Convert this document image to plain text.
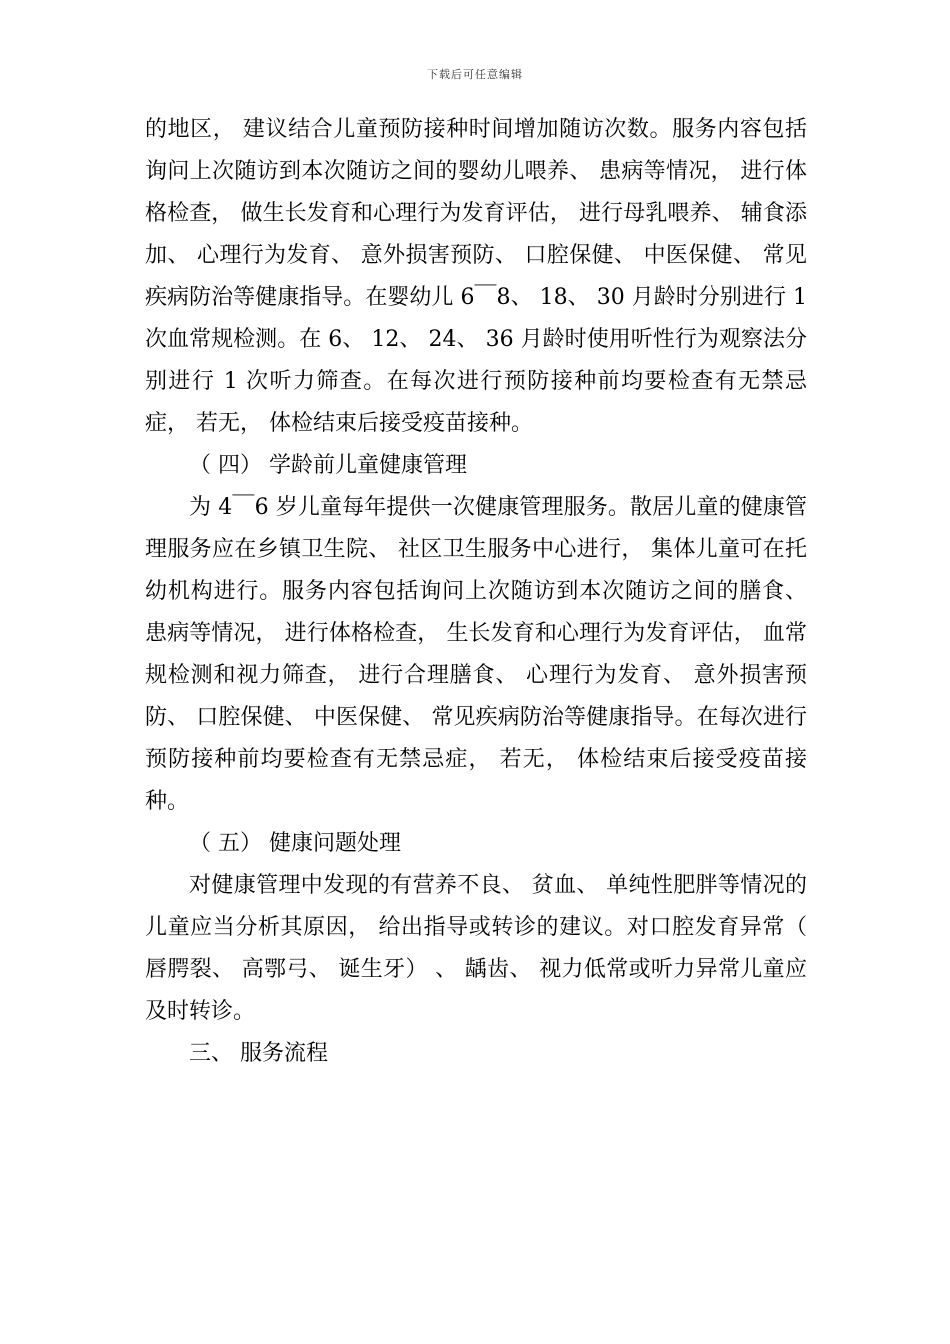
下载后可任意编辑

的地区， 建议结合儿童预防接种时间增加随访次数。服务内容包括询问上次随访到本次随访之间的婴幼儿喂养、 患病等情况， 进行体格检查， 做生长发育和心理行为发育评估， 进行母乳喂养、 辅食添加、 心理行为发育、 意外损害预防、 口腔保健、 中医保健、 常见疾病防治等健康指导。在婴幼儿 6￣8、 18、 30 月龄时分别进行 1 次血常规检测。在 6、 12、 24、 36 月龄时使用听性行为观察法分别进行 1 次听力筛查。在每次进行预防接种前均要检查有无禁忌症， 若无， 体检结束后接受疫苗接种。

（ 四） 学龄前儿童健康管理

为 4￣6 岁儿童每年提供一次健康管理服务。散居儿童的健康管理服务应在乡镇卫生院、 社区卫生服务中心进行， 集体儿童可在托幼机构进行。服务内容包括询问上次随访到本次随访之间的膳食、 患病等情况， 进行体格检查， 生长发育和心理行为发育评估， 血常规检测和视力筛查， 进行合理膳食、 心理行为发育、 意外损害预防、 口腔保健、 中医保健、 常见疾病防治等健康指导。在每次进行预防接种前均要检查有无禁忌症， 若无， 体检结束后接受疫苗接种。

（ 五） 健康问题处理

对健康管理中发现的有营养不良、 贫血、 单纯性肥胖等情况的儿童应当分析其原因， 给出指导或转诊的建议。对口腔发育异常（ 唇腭裂、 高鄂弓、 诞生牙） 、 龋齿、 视力低常或听力异常儿童应及时转诊。

三、 服务流程
